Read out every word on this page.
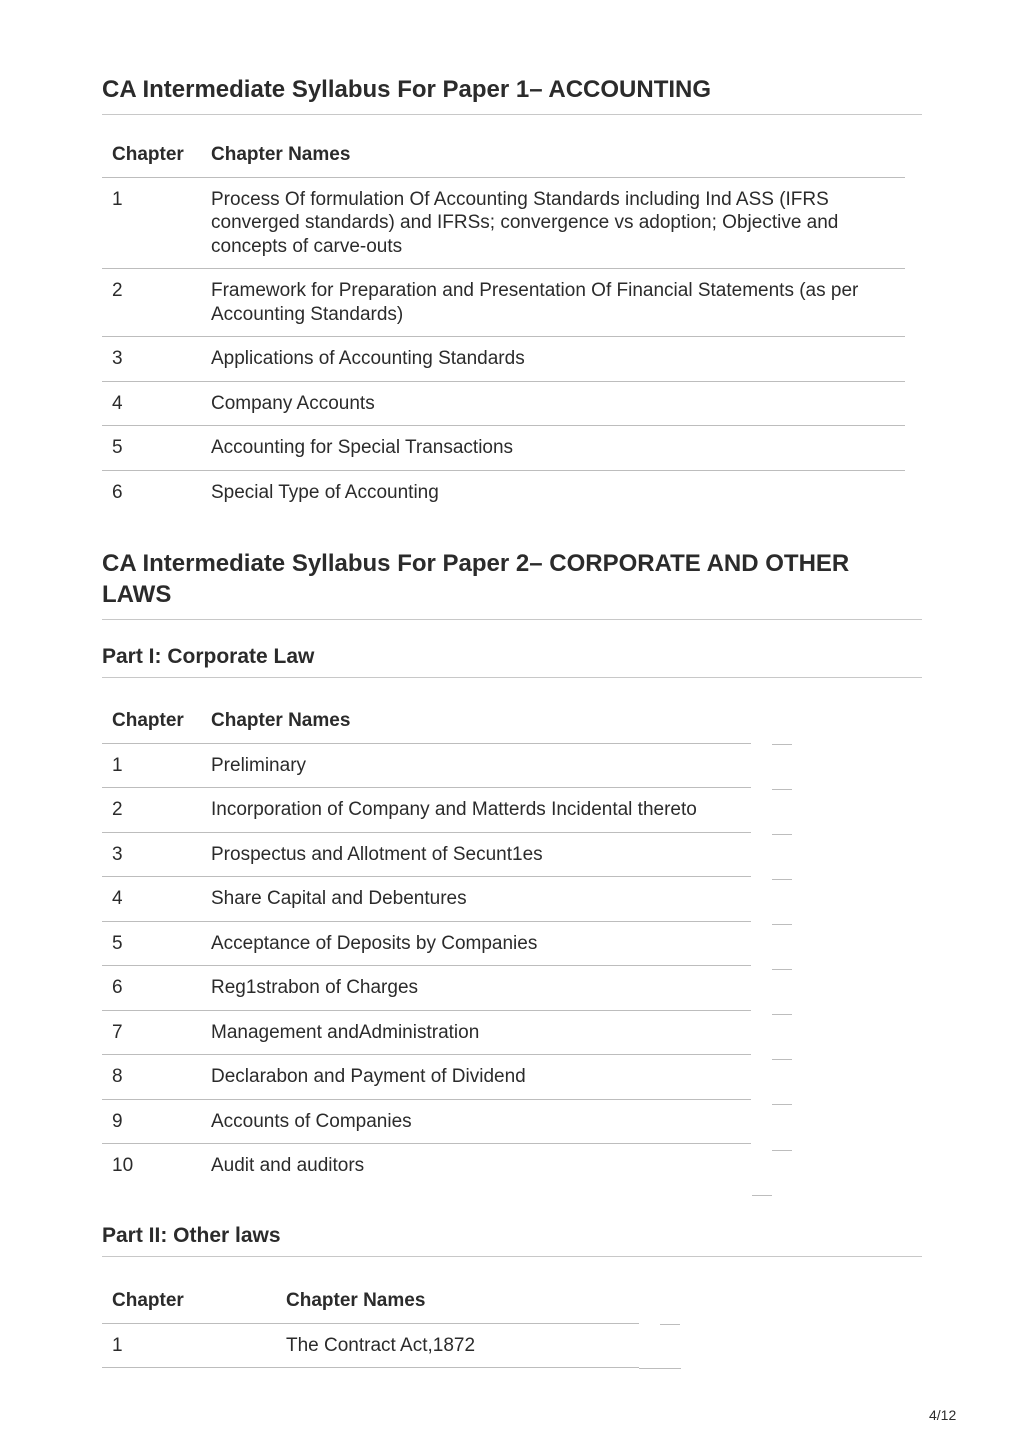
CA Intermediate Syllabus For Paper 1– ACCOUNTING
Chapter	Chapter Names
1	Process Of formulation Of Accounting Standards including Ind ASS (IFRS converged standards) and IFRSs; convergence vs adoption; Objective and concepts of carve-outs
2	Framework for Preparation and Presentation Of Financial Statements (as per Accounting Standards)
3	Applications of Accounting Standards
4	Company Accounts
5	Accounting for Special Transactions
6	Special Type of Accounting
CA Intermediate Syllabus For Paper 2– CORPORATE AND OTHER LAWS
Part I: Corporate Law
Chapter	Chapter Names
1	Preliminary
2	Incorporation of Company and Matterds Incidental thereto
3	Prospectus and Allotment of Secunt1es
4	Share Capital and Debentures
5	Acceptance of Deposits by Companies
6	Reg1strabon of Charges
7	Management andAdministration
8	Declarabon and Payment of Dividend
9	Accounts of Companies
10	Audit and auditors
Part II: Other laws
Chapter	Chapter Names
1	The Contract Act,1872
4/12
